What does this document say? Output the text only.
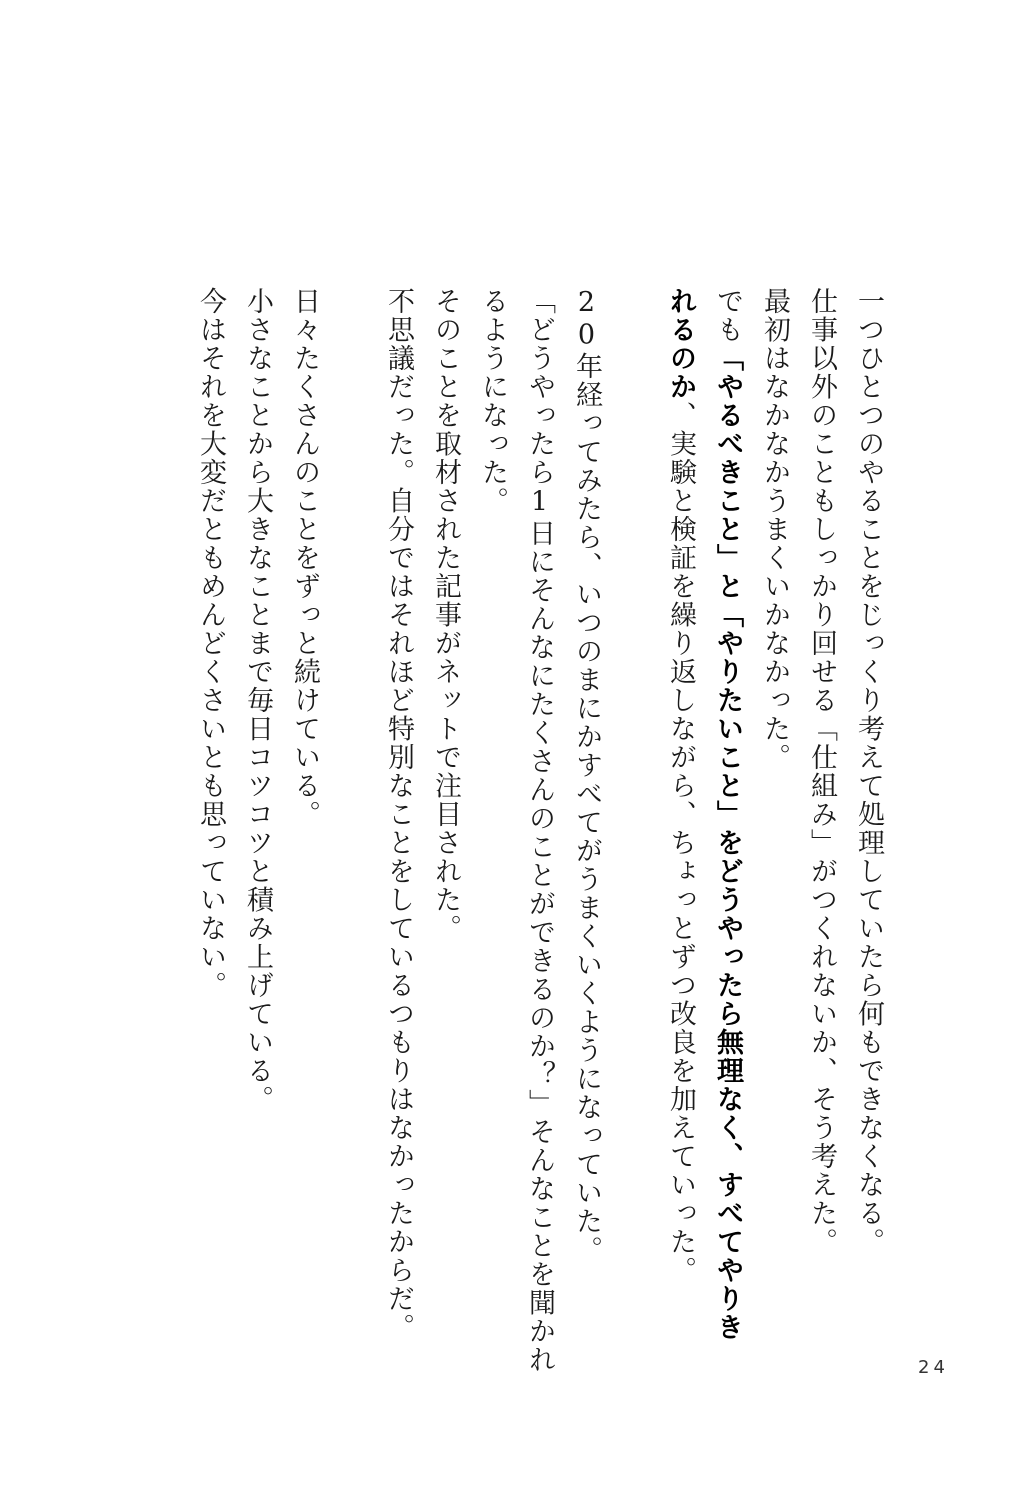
一つひとつのやることをじっくり考えて処理していたら何もできなくなる。
仕事以外のこともしっかり回せる「仕組み」がつくれないか、そう考えた。
最初はなかなかうまくいかなかった。
でも「やるべきこと」と「やりたいこと」をどうやったら無理なく、すべてやりき
れるのか、実験と検証を繰り返しながら、ちょっとずつ改良を加えていった。
20年経ってみたら、いつのまにかすべてがうまくいくようになっていた。
「どうやったら1日にそんなにたくさんのことができるのか？」そんなことを聞かれ
るようになった。
そのことを取材された記事がネットで注目された。
不思議だった。自分ではそれほど特別なことをしているつもりはなかったからだ。
日々たくさんのことをずっと続けている。
小さなことから大きなことまで毎日コツコツと積み上げている。
今はそれを大変だともめんどくさいとも思っていない。
24
